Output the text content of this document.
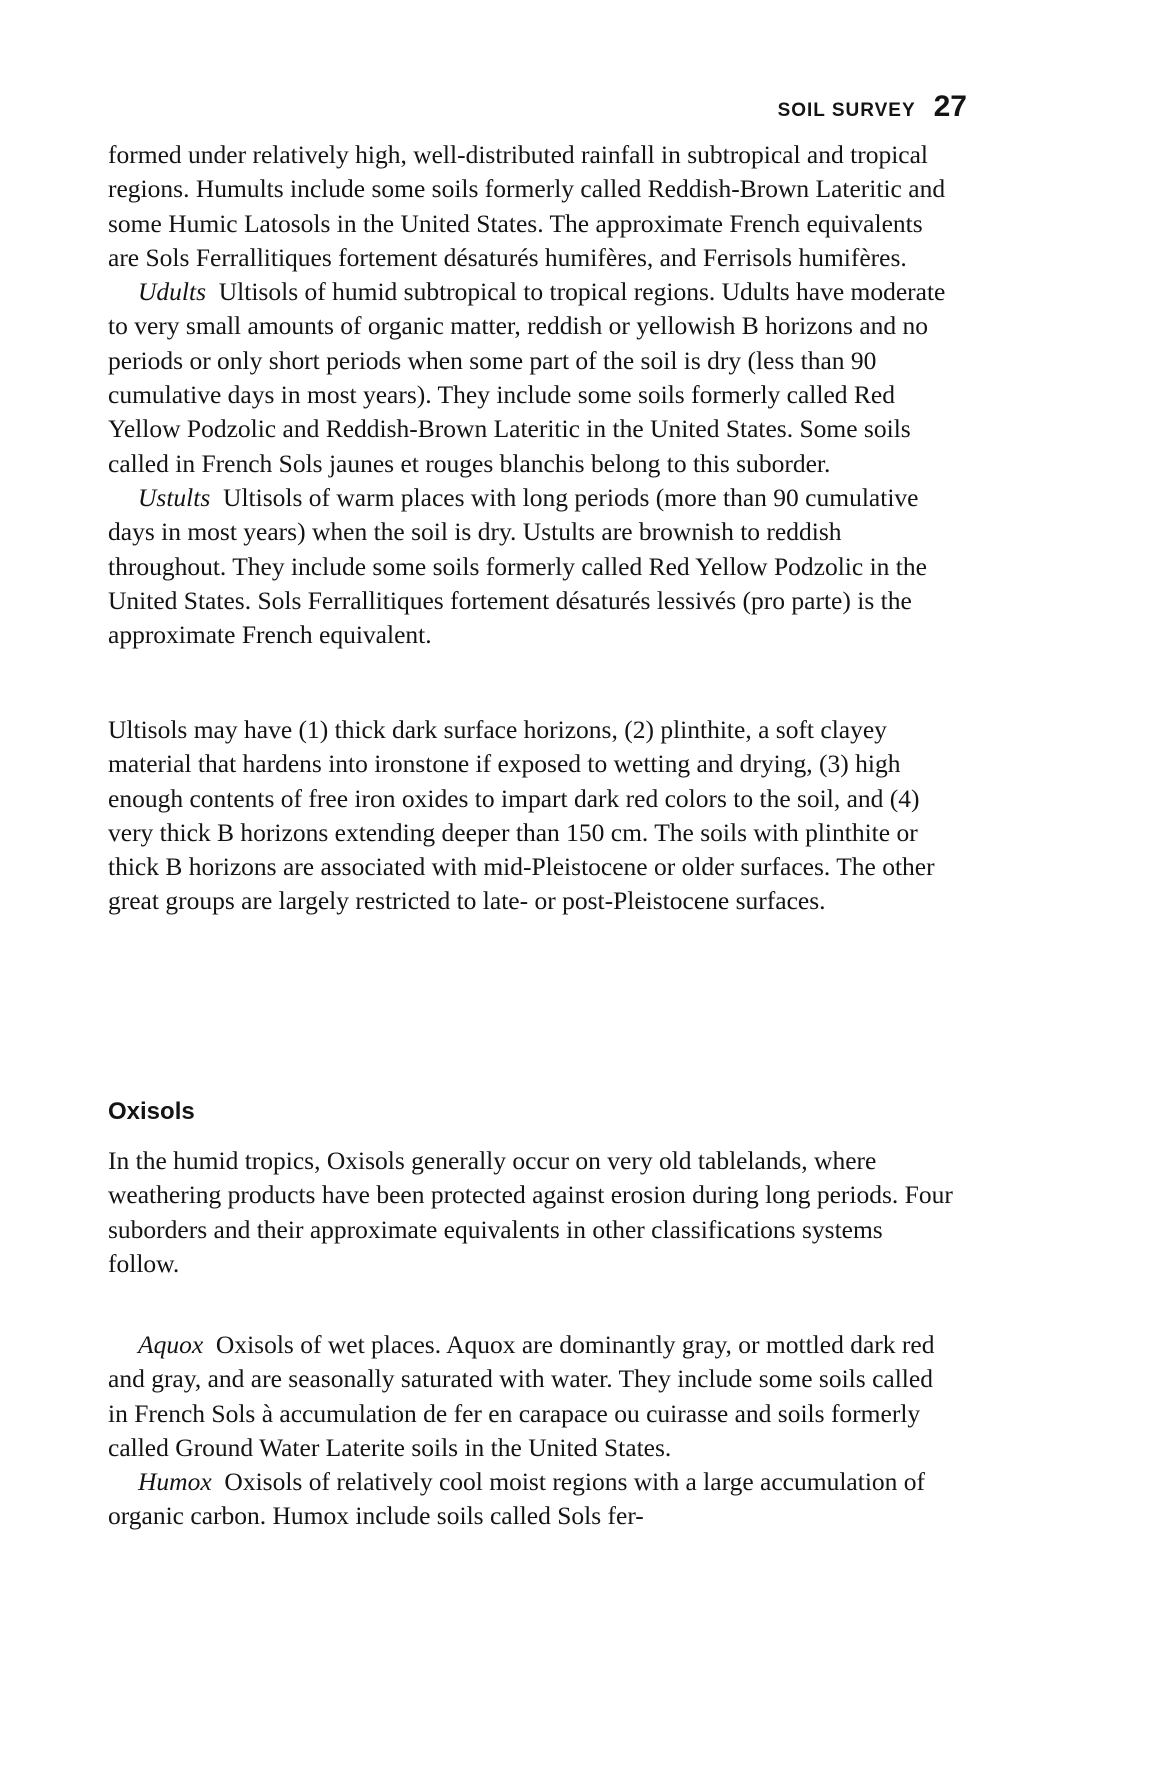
SOIL SURVEY 27

formed under relatively high, well-distributed rainfall in subtropical and tropical regions. Humults include some soils formerly called Reddish-Brown Lateritic and some Humic Latosols in the United States. The approximate French equivalents are Sols Ferrallitiques fortement désaturés humifères, and Ferrisols humifères.

Udults Ultisols of humid subtropical to tropical regions. Udults have moderate to very small amounts of organic matter, reddish or yellowish B horizons and no periods or only short periods when some part of the soil is dry (less than 90 cumulative days in most years). They include some soils formerly called Red Yellow Podzolic and Reddish-Brown Lateritic in the United States. Some soils called in French Sols jaunes et rouges blanchis belong to this suborder.

Ustults Ultisols of warm places with long periods (more than 90 cumulative days in most years) when the soil is dry. Ustults are brownish to reddish throughout. They include some soils formerly called Red Yellow Podzolic in the United States. Sols Ferrallitiques fortement désaturés lessivés (pro parte) is the approximate French equivalent.

Ultisols may have (1) thick dark surface horizons, (2) plinthite, a soft clayey material that hardens into ironstone if exposed to wetting and drying, (3) high enough contents of free iron oxides to impart dark red colors to the soil, and (4) very thick B horizons extending deeper than 150 cm. The soils with plinthite or thick B horizons are associated with mid-Pleistocene or older surfaces. The other great groups are largely restricted to late- or post-Pleistocene surfaces.

Oxisols

In the humid tropics, Oxisols generally occur on very old tablelands, where weathering products have been protected against erosion during long periods. Four suborders and their approximate equivalents in other classifications systems follow.

Aquox Oxisols of wet places. Aquox are dominantly gray, or mottled dark red and gray, and are seasonally saturated with water. They include some soils called in French Sols à accumulation de fer en carapace ou cuirasse and soils formerly called Ground Water Laterite soils in the United States.

Humox Oxisols of relatively cool moist regions with a large accumulation of organic carbon. Humox include soils called Sols fer-
